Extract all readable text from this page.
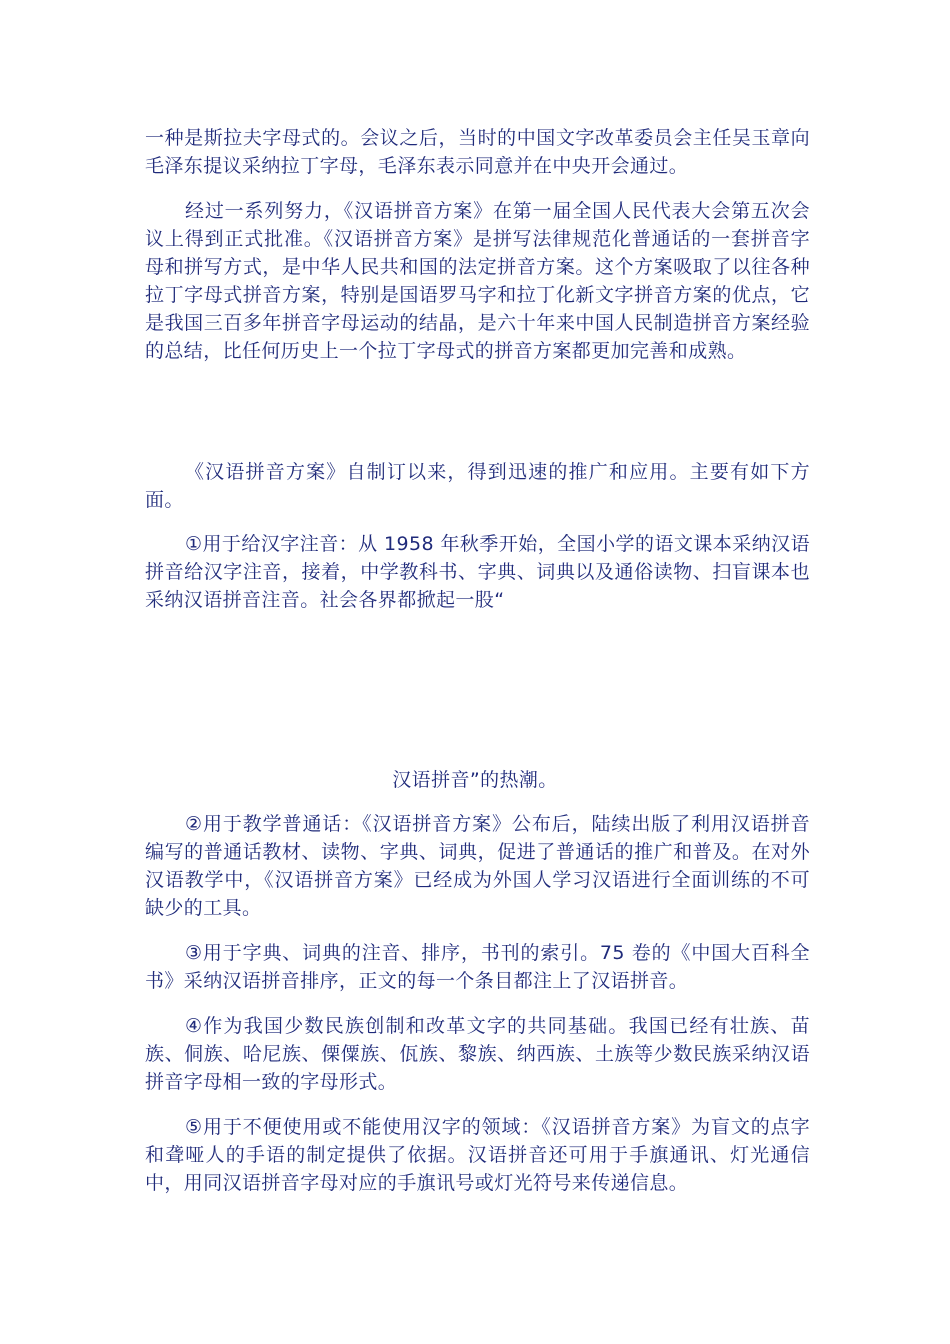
一种是斯拉夫字母式的。会议之后，当时的中国文字改革委员会主任吴玉章向毛泽东提议采纳拉丁字母，毛泽东表示同意并在中央开会通过。

经过一系列努力，《汉语拼音方案》在第一届全国人民代表大会第五次会议上得到正式批准。《汉语拼音方案》是拼写法律规范化普通话的一套拼音字母和拼写方式，是中华人民共和国的法定拼音方案。这个方案吸取了以往各种拉丁字母式拼音方案，特别是国语罗马字和拉丁化新文字拼音方案的优点，它是我国三百多年拼音字母运动的结晶，是六十年来中国人民制造拼音方案经验的总结，比任何历史上一个拉丁字母式的拼音方案都更加完善和成熟。

《汉语拼音方案》自制订以来，得到迅速的推广和应用。主要有如下方面。

①用于给汉字注音：从 1958 年秋季开始，全国小学的语文课本采纳汉语拼音给汉字注音，接着，中学教科书、字典、词典以及通俗读物、扫盲课本也采纳汉语拼音注音。社会各界都掀起一股“

汉语拼音”的热潮。

②用于教学普通话：《汉语拼音方案》公布后，陆续出版了利用汉语拼音编写的普通话教材、读物、字典、词典，促进了普通话的推广和普及。在对外汉语教学中，《汉语拼音方案》已经成为外国人学习汉语进行全面训练的不可缺少的工具。

③用于字典、词典的注音、排序，书刊的索引。75 卷的《中国大百科全书》采纳汉语拼音排序，正文的每一个条目都注上了汉语拼音。

④作为我国少数民族创制和改革文字的共同基础。我国已经有壮族、苗族、侗族、哈尼族、傈僳族、佤族、黎族、纳西族、土族等少数民族采纳汉语拼音字母相一致的字母形式。

⑤用于不便使用或不能使用汉字的领域：《汉语拼音方案》为盲文的点字和聋哑人的手语的制定提供了依据。汉语拼音还可用于手旗通讯、灯光通信中，用同汉语拼音字母对应的手旗讯号或灯光符号来传递信息。
